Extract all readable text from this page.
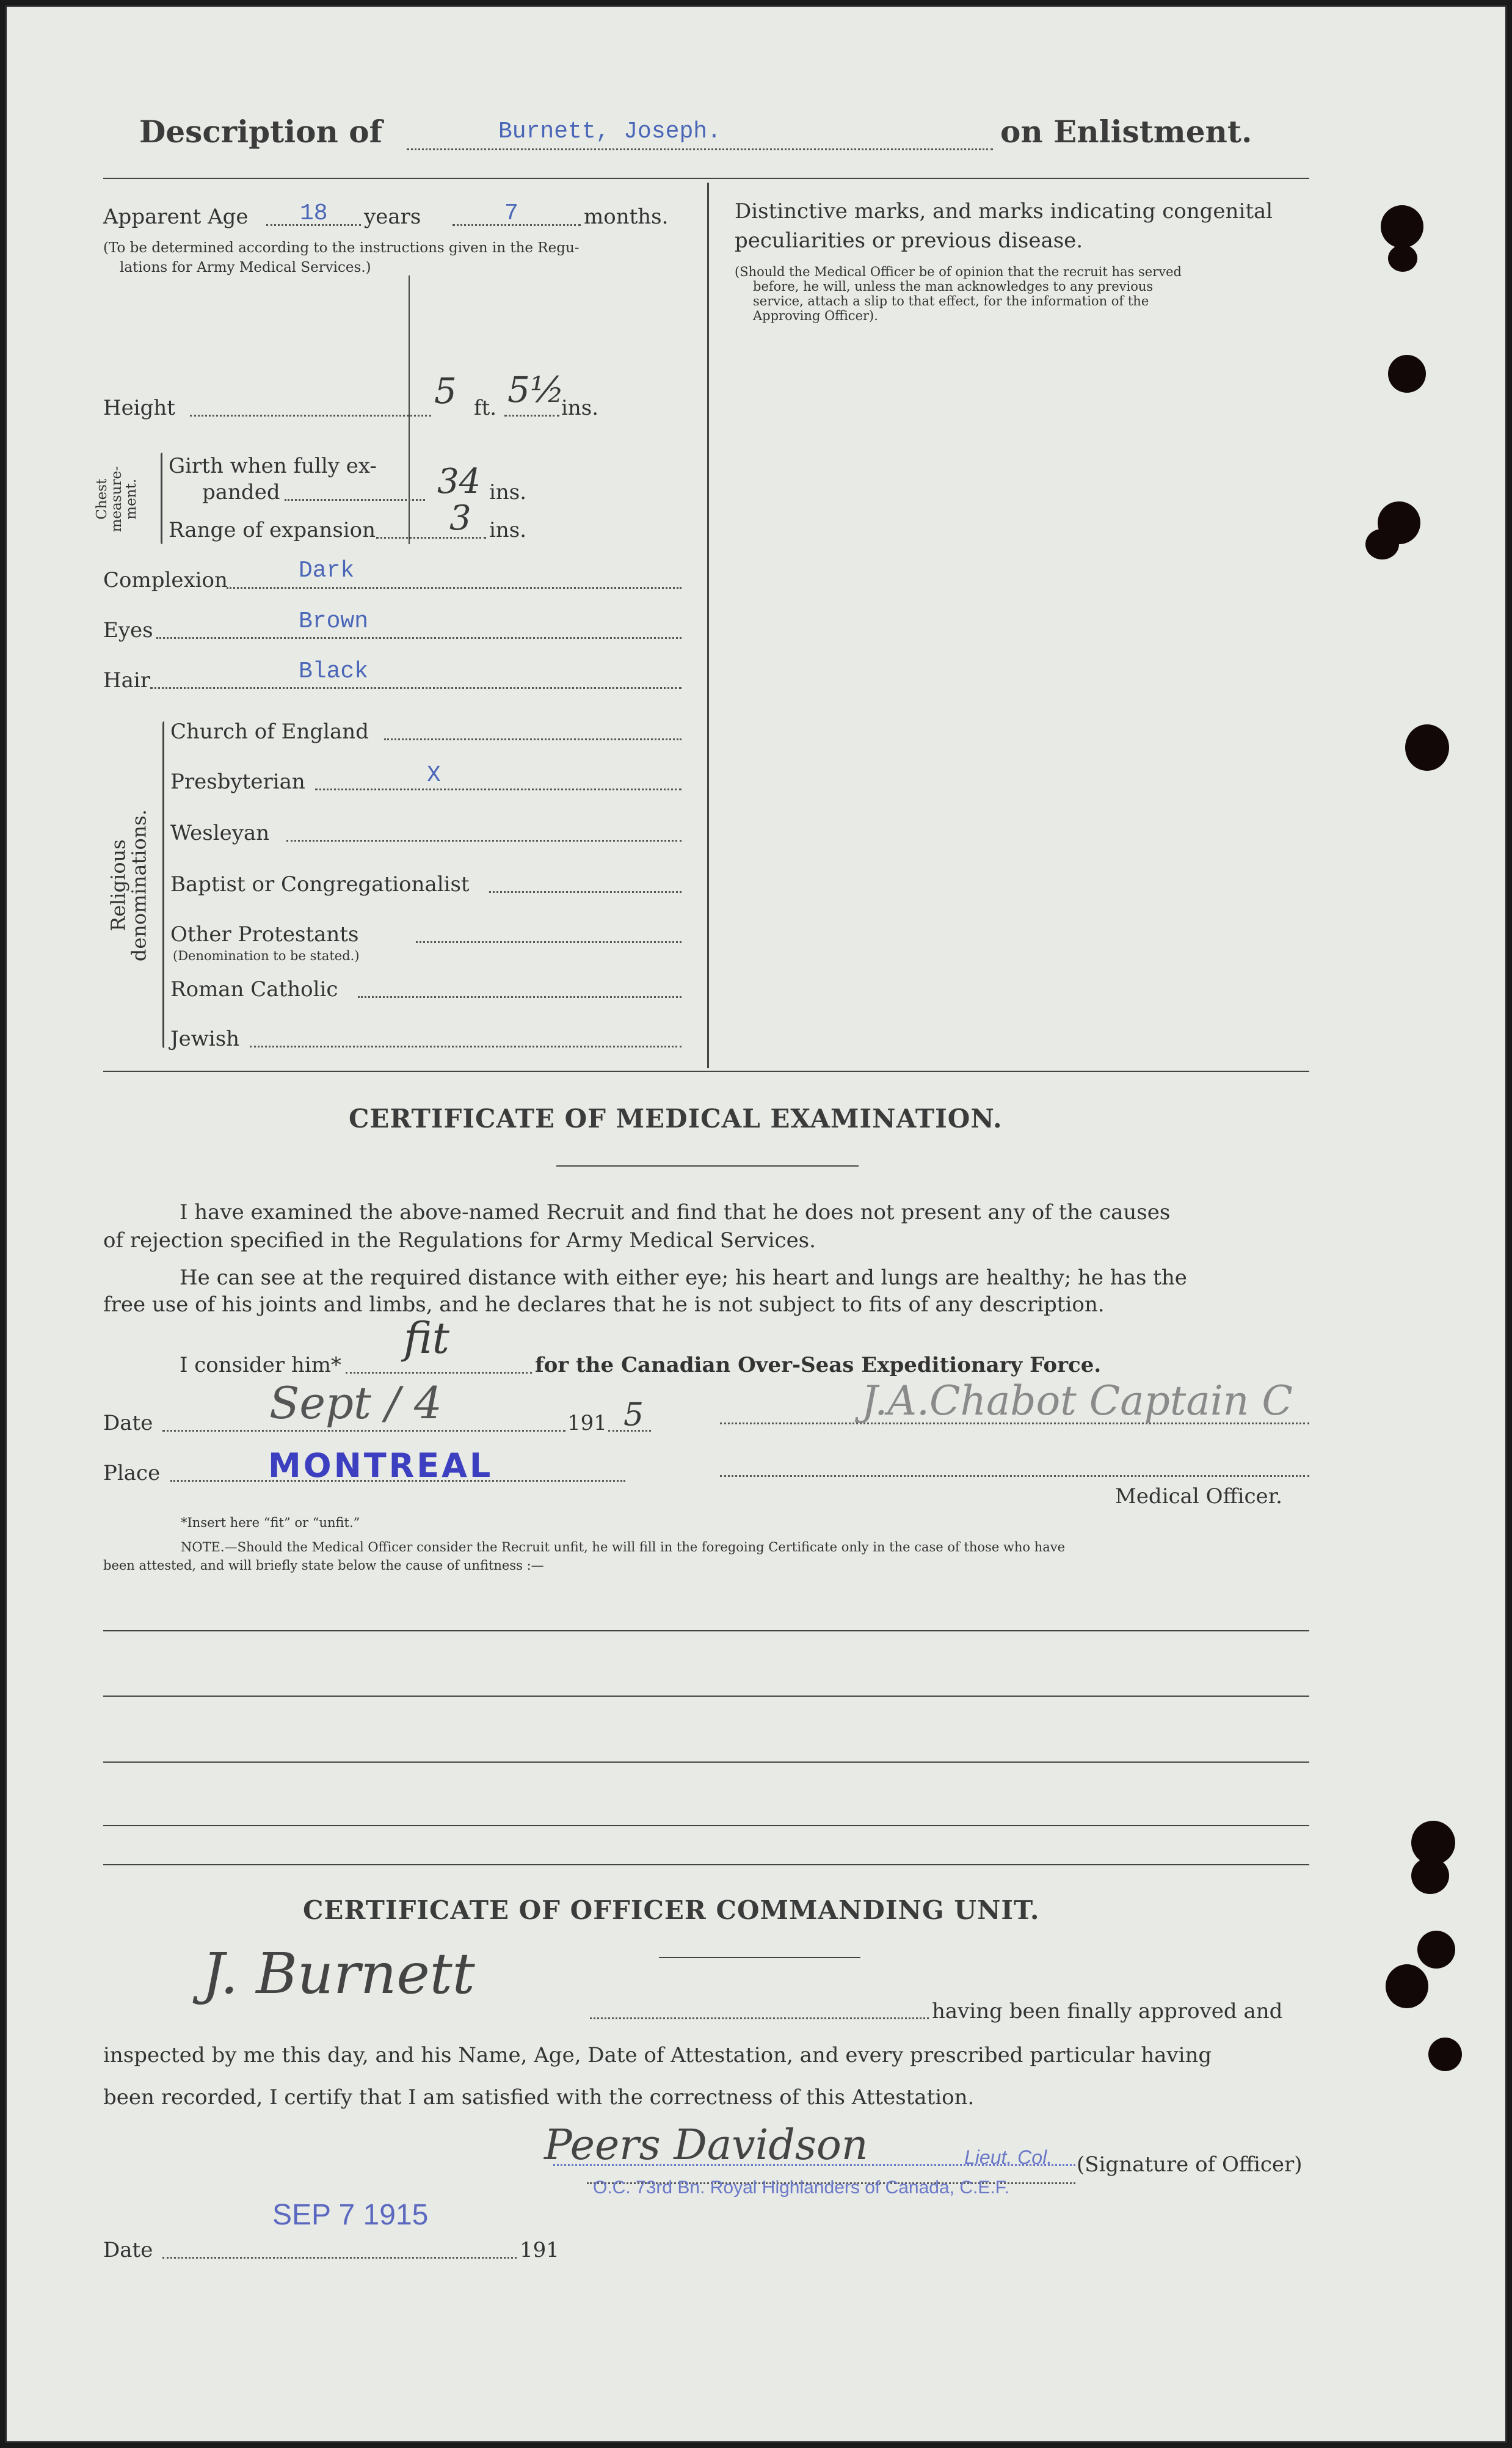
Description of	Burnett, Joseph.	on Enlistment.
Apparent Age 18 years	7	months.
(To be determined according to the instructions given in the Regu-
lations for Army Medical Services.)
Height	5 ft. 5½
ins.
Chest
measure-
ment.
Girth when fully ex-
panded	34 ins.
Range of expansion 3 ins.
Complexion	Dark
Eyes	Brown
Hair	Black
Religious
denominations.
Church of England
Presbyterian	X
Wesleyan
Baptist or Congregationalist
Other Protestants
(Denomination to be stated.)
Roman Catholic
Jewish
Distinctive marks, and marks indicating congenital
peculiarities or previous disease.
(Should the Medical Officer be of opinion that the recruit has served
before, he will, unless the man acknowledges to any previous
service, attach a slip to that effect, for the information of the
Approving Officer).
CERTIFICATE OF MEDICAL EXAMINATION.
I have examined the above-named Recruit and find that he does not present any of the causes
of rejection specified in the Regulations for Army Medical Services.
He can see at the required distance with either eye; his heart and lungs are healthy; he has the
free use of his joints and limbs, and he declares that he is not subject to fits of any description.
I consider him*
fit
for the Canadian Over-Seas Expeditionary Force.
Date	Sept / 4	191 5	J.A.Chabot Captain C
Place	MONTREAL
Medical Officer.
*Insert here “fit” or “unfit.”
NOTE.—Should the Medical Officer consider the Recruit unfit, he will fill in the foregoing Certificate only in the case of those who have
been attested, and will briefly state below the cause of unfitness :—
CERTIFICATE OF OFFICER COMMANDING UNIT.
J. Burnett
having been finally approved and
inspected by me this day, and his Name, Age, Date of Attestation, and every prescribed particular having
been recorded, I certify that I am satisfied with the correctness of this Attestation.
Peers Davidson	Lieut. Col. (Signature of Officer)
O.C. 73rd Bn. Royal Highlanders of Canada, C.E.F.
SEP 7 1915
Date	191
